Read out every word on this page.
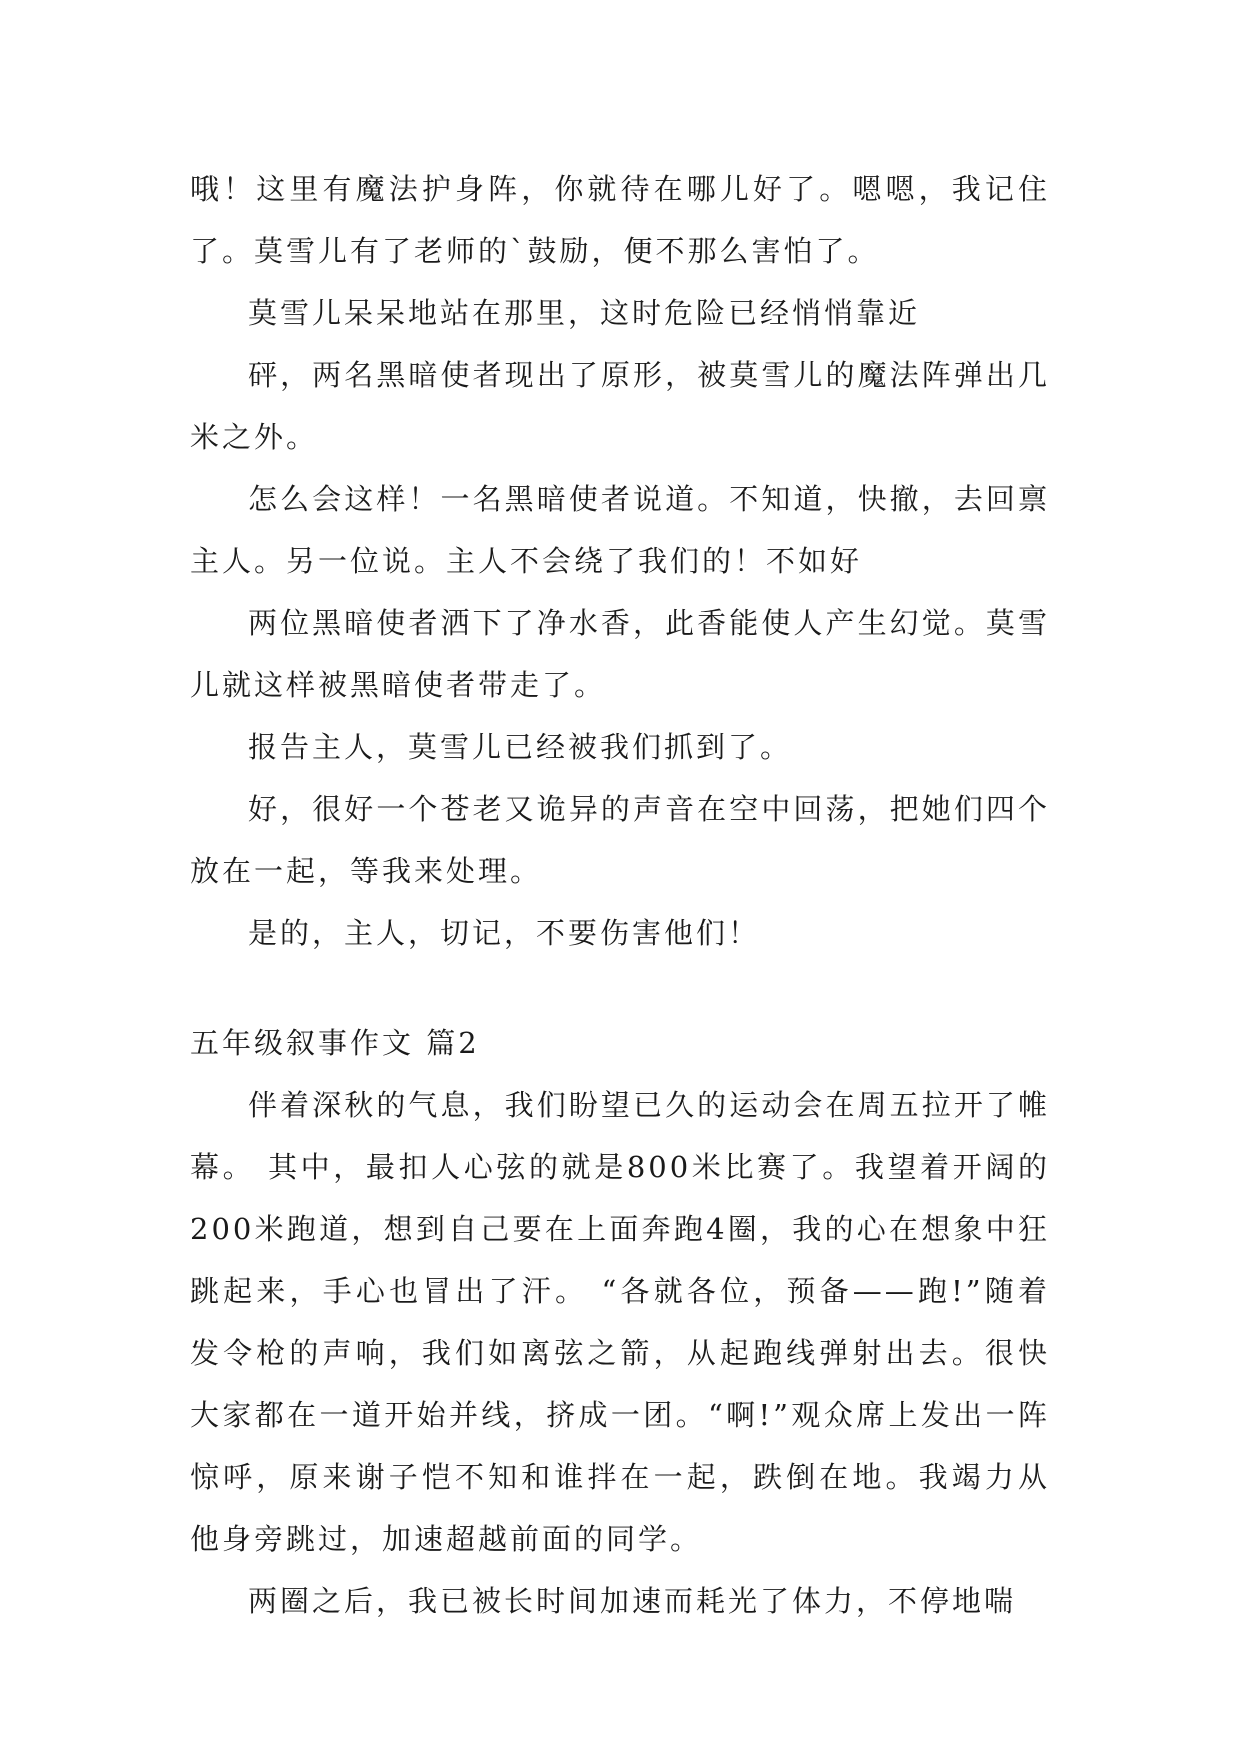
哦！这里有魔法护身阵，你就待在哪儿好了。嗯嗯，我记住了。莫雪儿有了老师的`鼓励，便不那么害怕了。

莫雪儿呆呆地站在那里，这时危险已经悄悄靠近

砰，两名黑暗使者现出了原形，被莫雪儿的魔法阵弹出几米之外。

怎么会这样！一名黑暗使者说道。不知道，快撤，去回禀主人。另一位说。主人不会绕了我们的！不如好

两位黑暗使者洒下了净水香，此香能使人产生幻觉。莫雪儿就这样被黑暗使者带走了。

报告主人，莫雪儿已经被我们抓到了。

好，很好一个苍老又诡异的声音在空中回荡，把她们四个放在一起，等我来处理。

是的，主人，切记，不要伤害他们！

五年级叙事作文 篇2

伴着深秋的气息，我们盼望已久的运动会在周五拉开了帷幕。 其中，最扣人心弦的就是800米比赛了。我望着开阔的200米跑道，想到自己要在上面奔跑4圈，我的心在想象中狂跳起来，手心也冒出了汗。 “各就各位，预备——跑!”随着发令枪的声响，我们如离弦之箭，从起跑线弹射出去。很快大家都在一道开始并线，挤成一团。“啊!”观众席上发出一阵惊呼，原来谢子恺不知和谁拌在一起，跌倒在地。我竭力从他身旁跳过，加速超越前面的同学。

两圈之后，我已被长时间加速而耗光了体力，不停地喘
